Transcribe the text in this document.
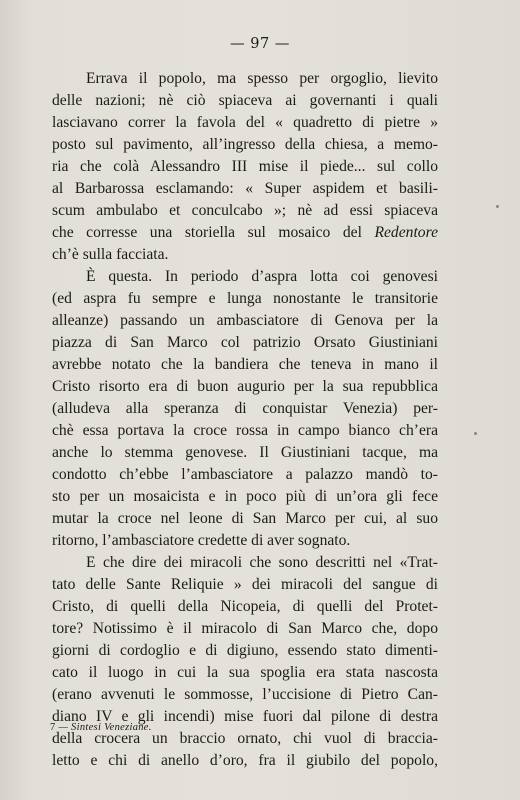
— 97 —

Errava il popolo, ma spesso per orgoglio, lievito
delle nazioni; nè ciò spiaceva ai governanti i quali
lasciavano correr la favola del « quadretto di pietre »
posto sul pavimento, all’ingresso della chiesa, a memo-
ria che colà Alessandro III mise il piede... sul collo
al Barbarossa esclamando: « Super aspidem et basili-
scum ambulabo et conculcabo »; nè ad essi spiaceva
che corresse una storiella sul mosaico del Redentore
ch’è sulla facciata.

È questa. In periodo d’aspra lotta coi genovesi
(ed aspra fu sempre e lunga nonostante le transitorie
alleanze) passando un ambasciatore di Genova per la
piazza di San Marco col patrizio Orsato Giustiniani
avrebbe notato che la bandiera che teneva in mano il
Cristo risorto era di buon augurio per la sua repubblica
(alludeva alla speranza di conquistar Venezia) per-
chè essa portava la croce rossa in campo bianco ch’era
anche lo stemma genovese. Il Giustiniani tacque, ma
condotto ch’ebbe l’ambasciatore a palazzo mandò to-
sto per un mosaicista e in poco più di un’ora gli fece
mutar la croce nel leone di San Marco per cui, al suo
ritorno, l’ambasciatore credette di aver sognato.

E che dire dei miracoli che sono descritti nel «Trat-
tato delle Sante Reliquie » dei miracoli del sangue di
Cristo, di quelli della Nicopeia, di quelli del Protet-
tore? Notissimo è il miracolo di San Marco che, dopo
giorni di cordoglio e di digiuno, essendo stato dimenti-
cato il luogo in cui la sua spoglia era stata nascosta
(erano avvenuti le sommosse, l’uccisione di Pietro Can-
diano IV e gli incendi) mise fuori dal pilone di destra
della crocera un braccio ornato, chi vuol di braccia-
letto e chi di anello d’oro, fra il giubilo del popolo,

7 — Sintesi Veneziane.
